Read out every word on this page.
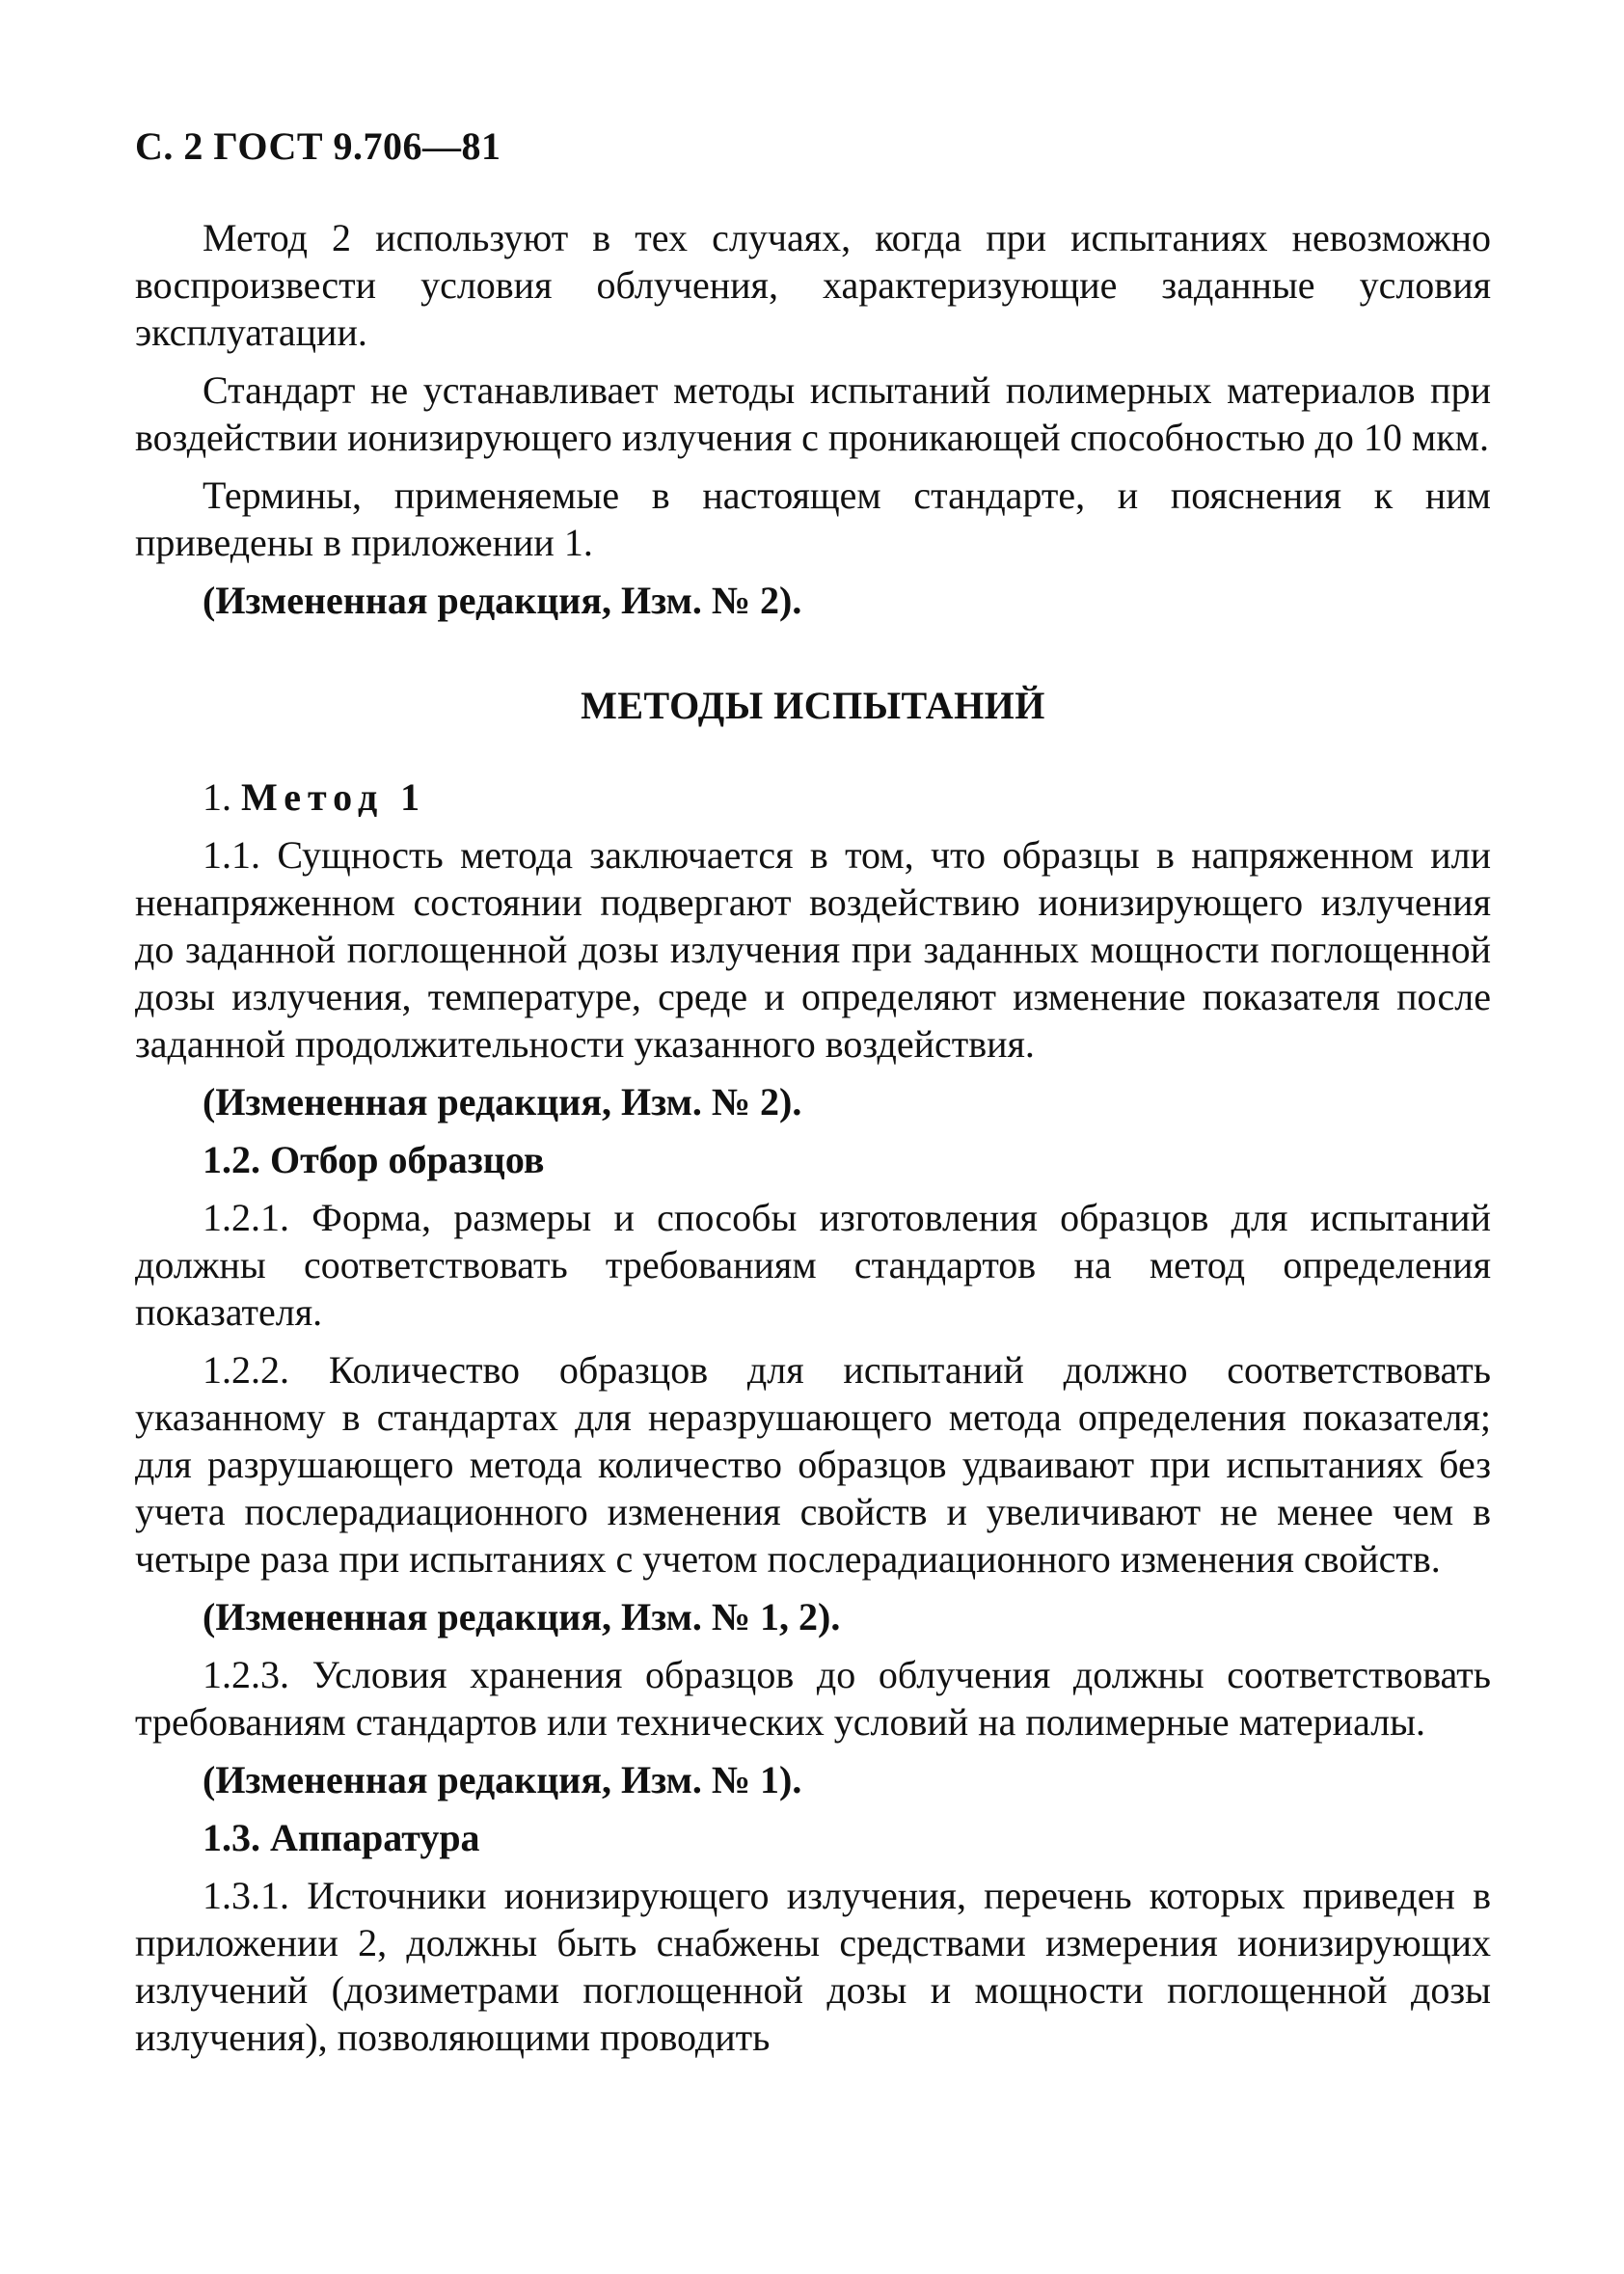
С. 2 ГОСТ 9.706—81

Метод 2 используют в тех случаях, когда при испытаниях невозможно воспроизвести условия облучения, характеризующие заданные условия эксплуатации.

Стандарт не устанавливает методы испытаний полимерных материалов при воздействии ионизирующего излучения с проникающей способностью до 10 мкм.

Термины, применяемые в настоящем стандарте, и пояснения к ним приведены в приложении 1.

(Измененная редакция, Изм. № 2).

МЕТОДЫ ИСПЫТАНИЙ

1. Метод 1

1.1. Сущность метода заключается в том, что образцы в напряженном или ненапряженном состоянии подвергают воздействию ионизирующего излучения до заданной поглощенной дозы излучения при заданных мощности поглощенной дозы излучения, температуре, среде и определяют изменение показателя после заданной продолжительности указанного воздействия.

(Измененная редакция, Изм. № 2).

1.2. Отбор образцов

1.2.1. Форма, размеры и способы изготовления образцов для испытаний должны соответствовать требованиям стандартов на метод определения показателя.

1.2.2. Количество образцов для испытаний должно соответствовать указанному в стандартах для неразрушающего метода определения показателя; для разрушающего метода количество образцов удваивают при испытаниях без учета послерадиационного изменения свойств и увеличивают не менее чем в четыре раза при испытаниях с учетом послерадиационного изменения свойств.

(Измененная редакция, Изм. № 1, 2).

1.2.3. Условия хранения образцов до облучения должны соответствовать требованиям стандартов или технических условий на полимерные материалы.

(Измененная редакция, Изм. № 1).

1.3. Аппаратура

1.3.1. Источники ионизирующего излучения, перечень которых приведен в приложении 2, должны быть снабжены средствами измерения ионизирующих излучений (дозиметрами поглощенной дозы и мощности поглощенной дозы излучения), позволяющими проводить
